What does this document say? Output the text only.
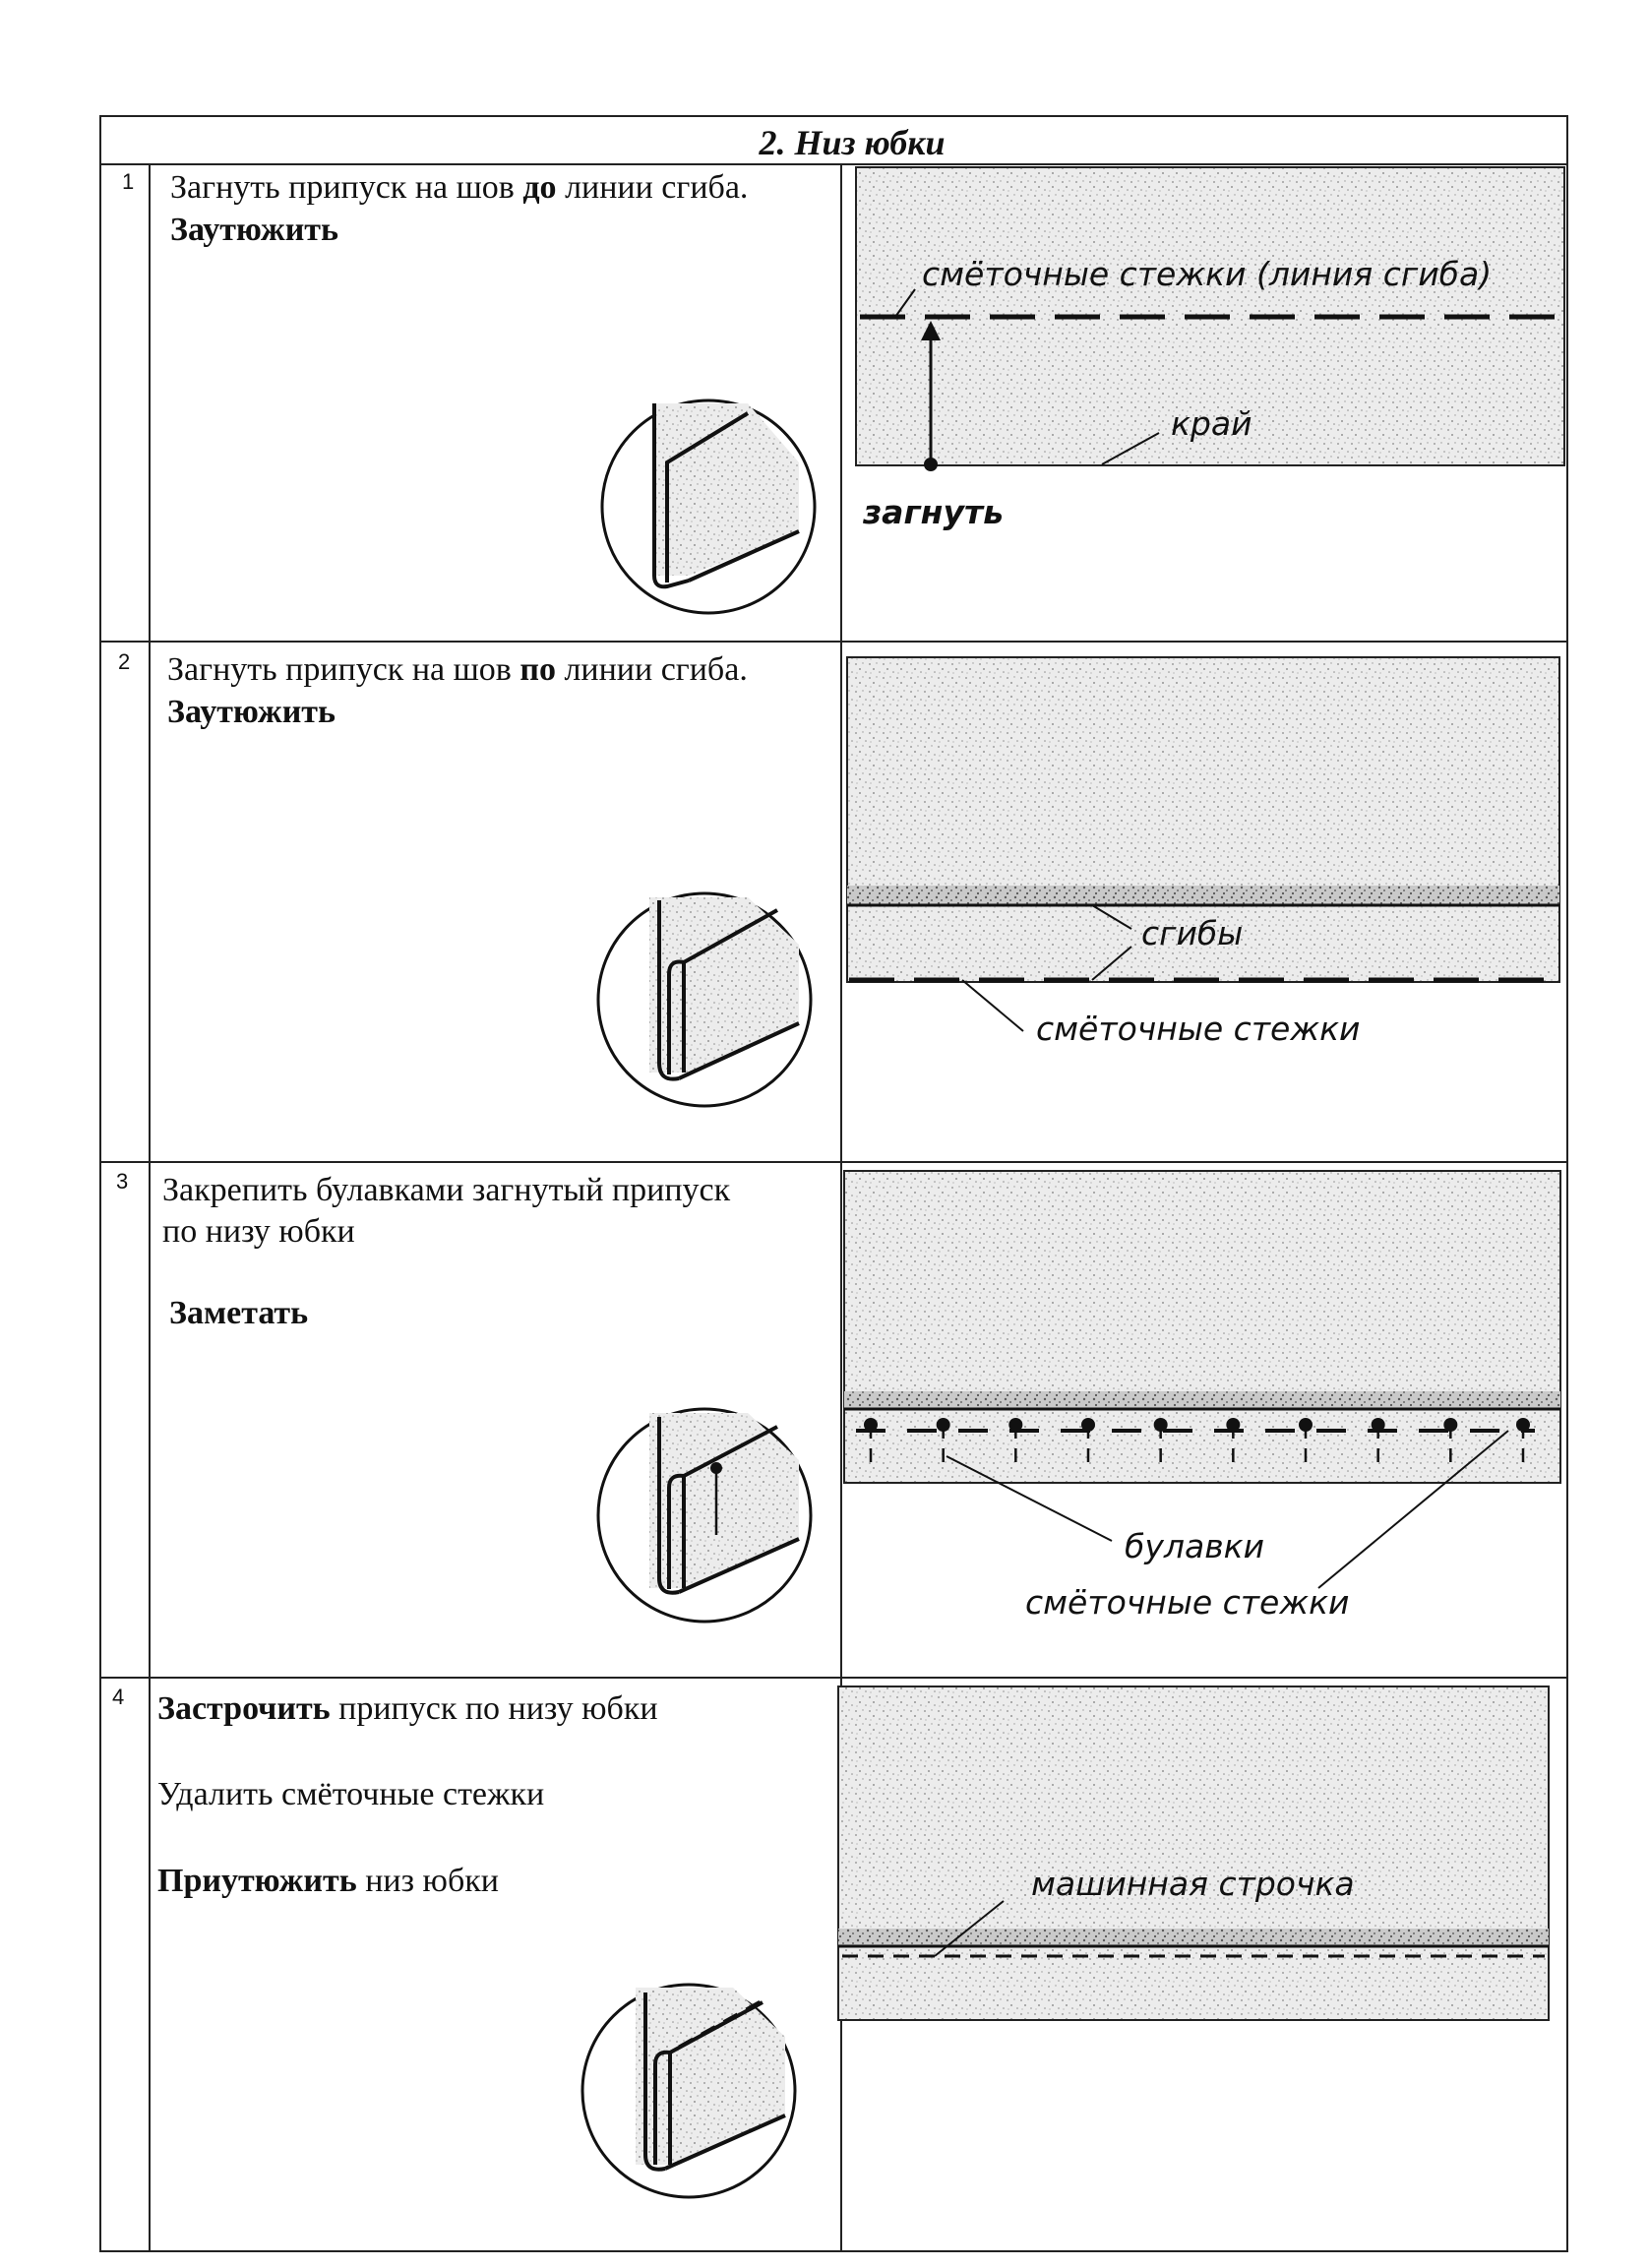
2. Низ юбки
1
2
3
4
Загнуть припуск на шов до линии сгиба.
Заутюжить
Загнуть припуск на шов по линии сгиба.
Заутюжить
Закрепить булавками загнутый припуск
по низу юбки
Заметать
Застрочить припуск по низу юбки
Удалить смёточные стежки
Приутюжить низ юбки
смёточные стежки (линия сгиба)
край
загнуть
сгибы
смёточные стежки
булавки
смёточные стежки
машинная строчка
